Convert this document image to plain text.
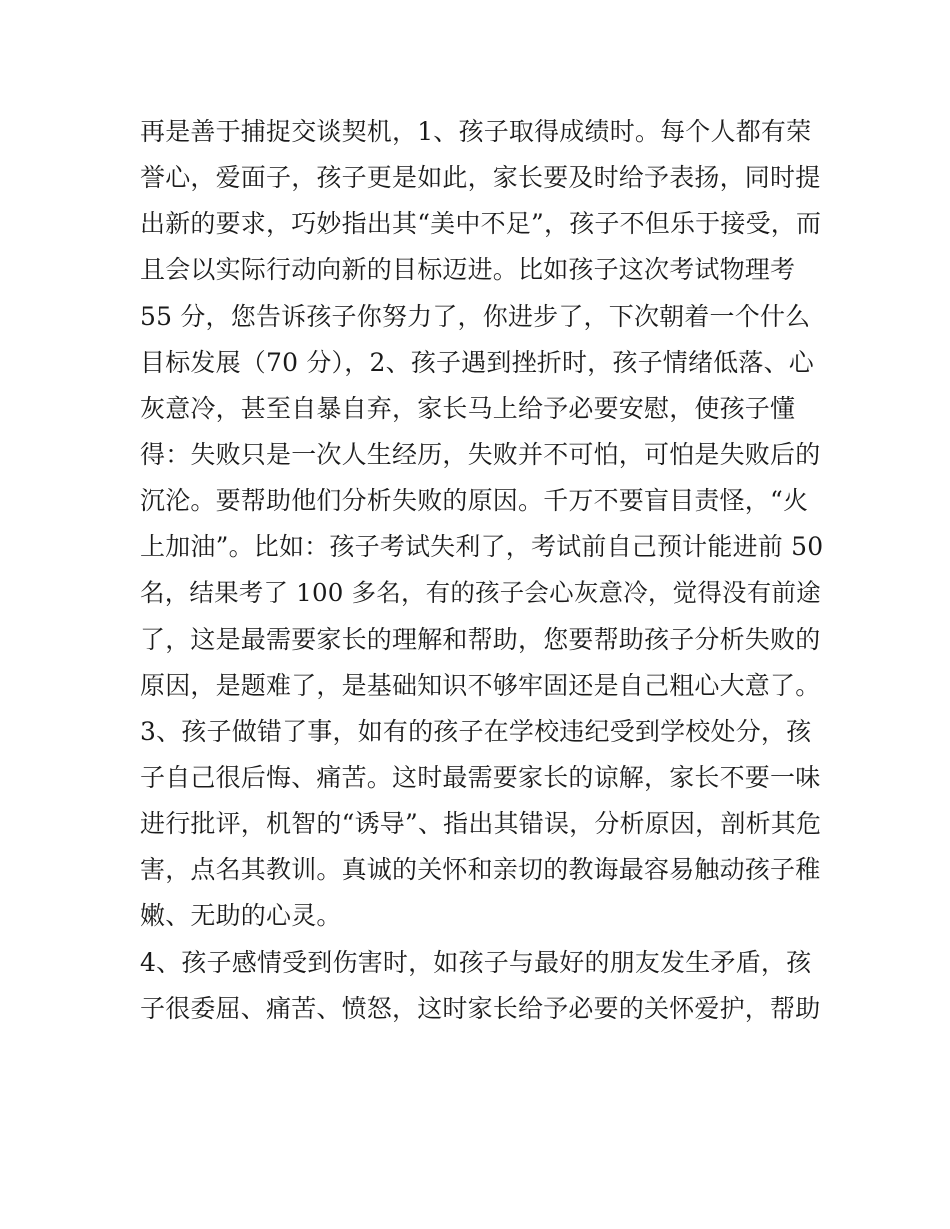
再是善于捕捉交谈契机，1、孩子取得成绩时。每个人都有荣
誉心，爱面子，孩子更是如此，家长要及时给予表扬，同时提
出新的要求，巧妙指出其“美中不足”，孩子不但乐于接受，而
且会以实际行动向新的目标迈进。比如孩子这次考试物理考
55 分，您告诉孩子你努力了，你进步了，下次朝着一个什么
目标发展（70 分），2、孩子遇到挫折时，孩子情绪低落、心
灰意冷，甚至自暴自弃，家长马上给予必要安慰，使孩子懂
得：失败只是一次人生经历，失败并不可怕，可怕是失败后的
沉沦。要帮助他们分析失败的原因。千万不要盲目责怪，“火
上加油”。比如：孩子考试失利了，考试前自己预计能进前 50
名，结果考了 100 多名，有的孩子会心灰意冷，觉得没有前途
了，这是最需要家长的理解和帮助，您要帮助孩子分析失败的
原因，是题难了，是基础知识不够牢固还是自己粗心大意了。
3、孩子做错了事，如有的孩子在学校违纪受到学校处分，孩
子自己很后悔、痛苦。这时最需要家长的谅解，家长不要一味
进行批评，机智的“诱导”、指出其错误，分析原因，剖析其危
害，点名其教训。真诚的关怀和亲切的教诲最容易触动孩子稚
嫩、无助的心灵。
4、孩子感情受到伤害时，如孩子与最好的朋友发生矛盾，孩
子很委屈、痛苦、愤怒，这时家长给予必要的关怀爱护，帮助
